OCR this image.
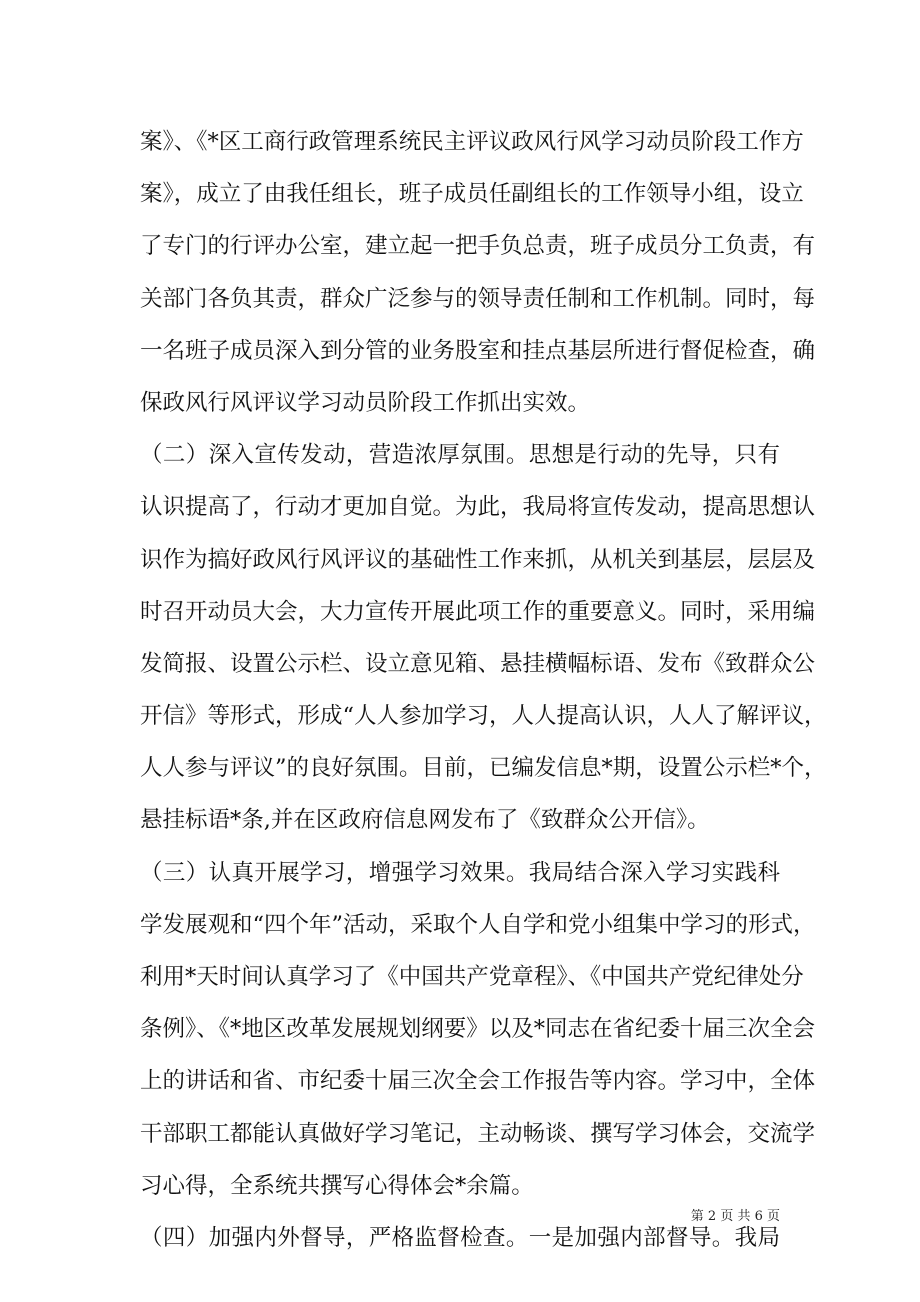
案》、《*区工商行政管理系统民主评议政风行风学习动员阶段工作方
案》，成立了由我任组长，班子成员任副组长的工作领导小组，设立
了专门的行评办公室，建立起一把手负总责，班子成员分工负责，有
关部门各负其责，群众广泛参与的领导责任制和工作机制。同时，每
一名班子成员深入到分管的业务股室和挂点基层所进行督促检查，确
保政风行风评议学习动员阶段工作抓出实效。
（二）深入宣传发动，营造浓厚氛围。思想是行动的先导，只有
认识提高了，行动才更加自觉。为此，我局将宣传发动，提高思想认
识作为搞好政风行风评议的基础性工作来抓，从机关到基层，层层及
时召开动员大会，大力宣传开展此项工作的重要意义。同时，采用编
发简报、设置公示栏、设立意见箱、悬挂横幅标语、发布《致群众公
开信》等形式，形成“人人参加学习，人人提高认识，人人了解评议，
人人参与评议”的良好氛围。目前，已编发信息*期，设置公示栏*个，
悬挂标语*条,并在区政府信息网发布了《致群众公开信》。
（三）认真开展学习，增强学习效果。我局结合深入学习实践科
学发展观和“四个年”活动，采取个人自学和党小组集中学习的形式，
利用*天时间认真学习了《中国共产党章程》、《中国共产党纪律处分
条例》、《*地区改革发展规划纲要》以及*同志在省纪委十届三次全会
上的讲话和省、市纪委十届三次全会工作报告等内容。学习中，全体
干部职工都能认真做好学习笔记，主动畅谈、撰写学习体会，交流学
习心得，全系统共撰写心得体会*余篇。
（四）加强内外督导，严格监督检查。一是加强内部督导。我局
第 2 页 共 6 页
